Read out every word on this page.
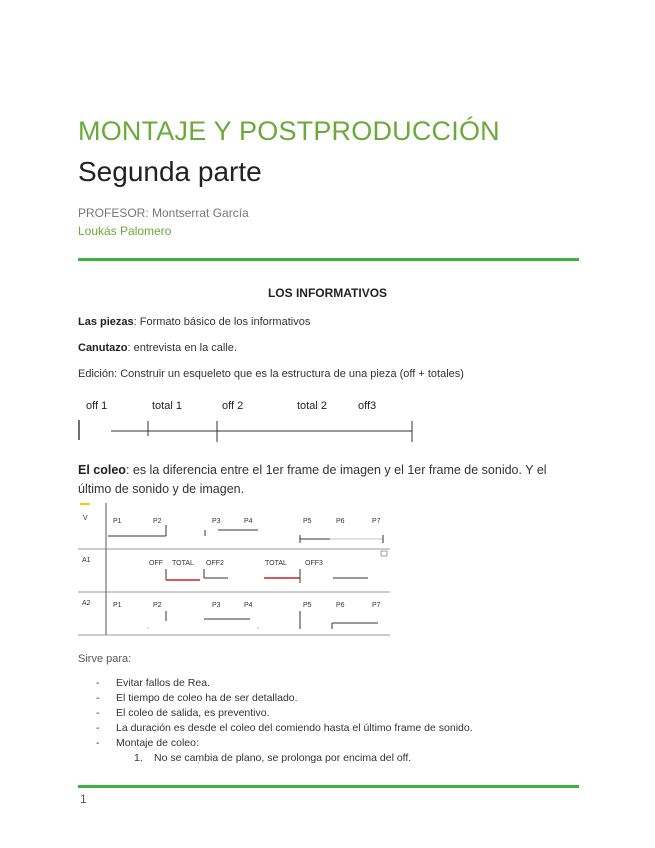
MONTAJE Y POSTPRODUCCIÓN
Segunda parte
PROFESOR: Montserrat García
Loukás Palomero
LOS INFORMATIVOS
Las piezas: Formato básico de los informativos
Canutazo: entrevista en la calle.
Edición: Construir un esqueleto que es la estructura de una pieza (off + totales)
off 1	total 1	off 2	total 2	off3
El coleo: es la diferencia entre el 1er frame de imagen y el 1er frame de sonido. Y el último de sonido y de imagen.
V
A1
A2
P1	P2	P3	P4	P5	P6	P7
OFF TOTAL OFF2	TOTAL	OFF3
P1	P2	P3	P4	P5	P6	P7
Sirve para:
- Evitar fallos de Rea.
- El tiempo de coleo ha de ser detallado.
- El coleo de salida, es preventivo.
- La duración es desde el coleo del comiendo hasta el último frame de sonido.
- Montaje de coleo:
1. No se cambia de plano, se prolonga por encima del off.
1
